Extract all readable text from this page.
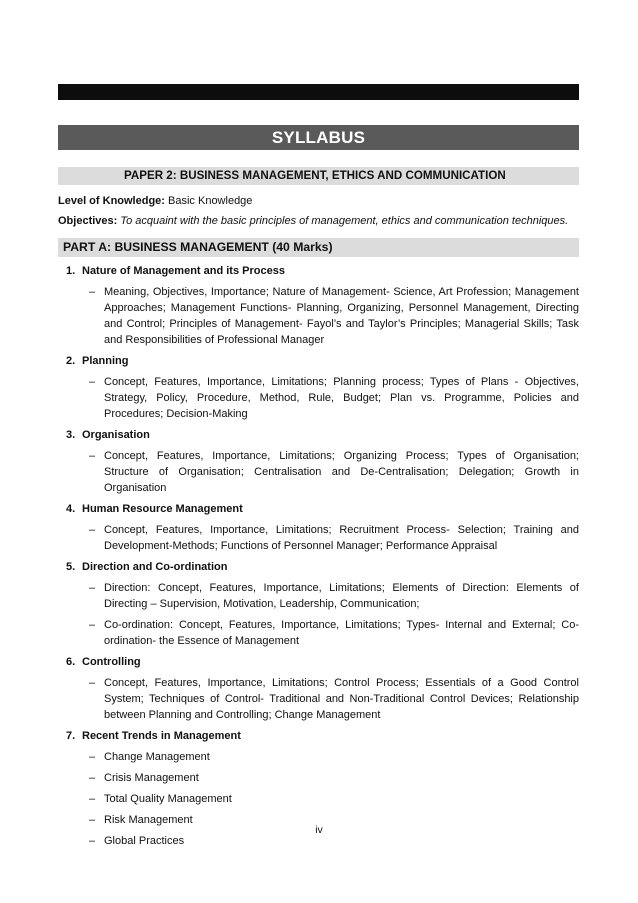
SYLLABUS
PAPER 2: BUSINESS MANAGEMENT, ETHICS AND COMMUNICATION
Level of Knowledge: Basic Knowledge
Objectives: To acquaint with the basic principles of management, ethics and communication techniques.
PART A: BUSINESS MANAGEMENT (40 Marks)
1. Nature of Management and its Process
– Meaning, Objectives, Importance; Nature of Management- Science, Art Profession; Management Approaches; Management Functions- Planning, Organizing, Personnel Management, Directing and Control; Principles of Management- Fayol’s and Taylor’s Principles; Managerial Skills; Task and Responsibilities of Professional Manager
2. Planning
– Concept, Features, Importance, Limitations; Planning process; Types of Plans - Objectives, Strategy, Policy, Procedure, Method, Rule, Budget; Plan vs. Programme, Policies and Procedures; Decision-Making
3. Organisation
– Concept, Features, Importance, Limitations; Organizing Process; Types of Organisation; Structure of Organisation; Centralisation and De-Centralisation; Delegation; Growth in Organisation
4. Human Resource Management
– Concept, Features, Importance, Limitations; Recruitment Process- Selection; Training and Development-Methods; Functions of Personnel Manager; Performance Appraisal
5. Direction and Co-ordination
– Direction: Concept, Features, Importance, Limitations; Elements of Direction: Elements of Directing – Supervision, Motivation, Leadership, Communication;
– Co-ordination: Concept, Features, Importance, Limitations; Types- Internal and External; Co-ordination- the Essence of Management
6. Controlling
– Concept, Features, Importance, Limitations; Control Process; Essentials of a Good Control System; Techniques of Control- Traditional and Non-Traditional Control Devices; Relationship between Planning and Controlling; Change Management
7. Recent Trends in Management
– Change Management
– Crisis Management
– Total Quality Management
– Risk Management
– Global Practices
iv
